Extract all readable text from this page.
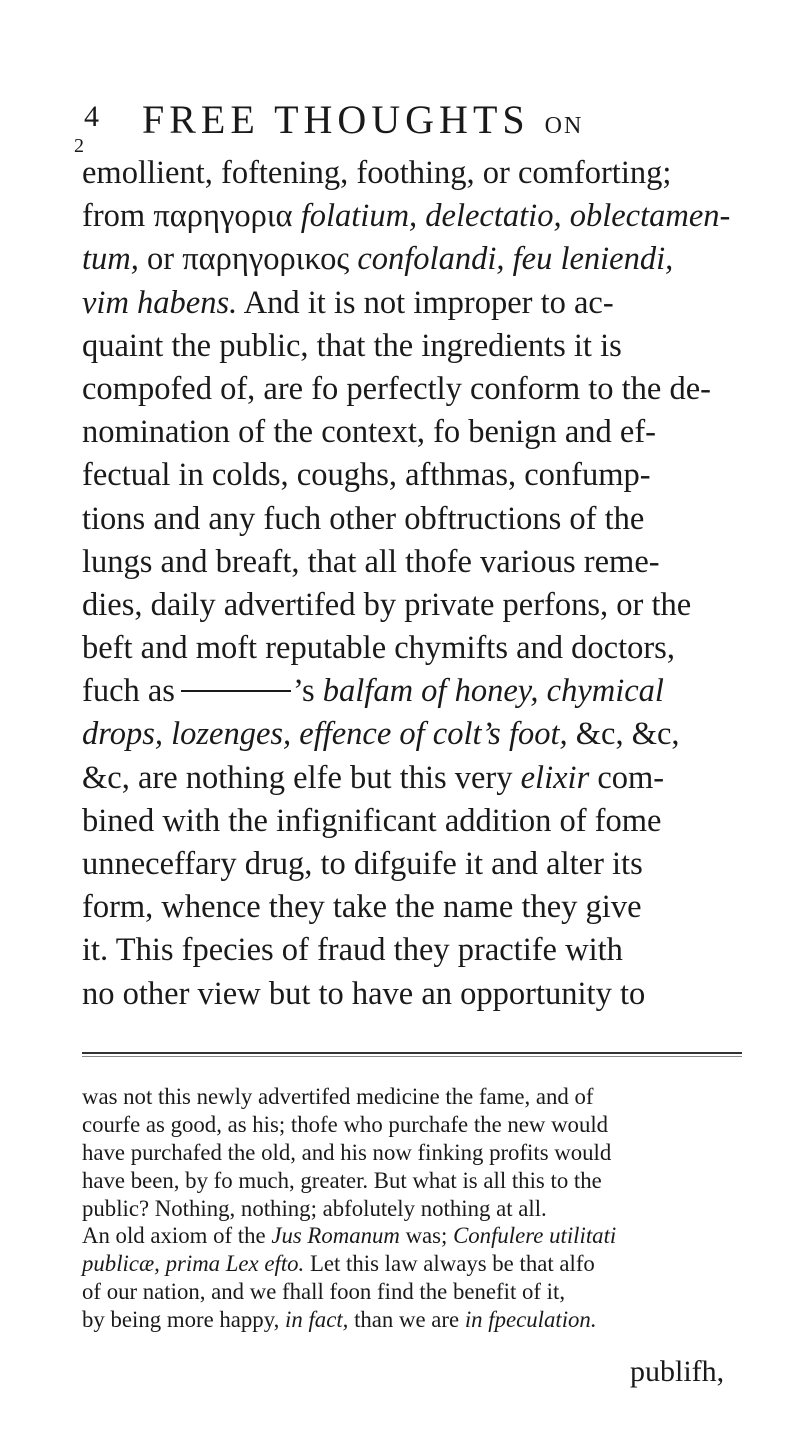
4
2
FREE THOUGHTS ON
emollient, foftening, foothing, or comforting;
from παρηγορια folatium, delectatio, oblectamen-
tum, or παρηγορικος confolandi, feu leniendi,
vim habens. And it is not improper to ac-
quaint the public, that the ingredients it is
compofed of, are fo perfectly conform to the de-
nomination of the context, fo benign and ef-
fectual in colds, coughs, afthmas, confump-
tions and any fuch other obftructions of the
lungs and breaft, that all thofe various reme-
dies, daily advertifed by private perfons, or the
beft and moft reputable chymifts and doctors,
fuch as	’s balfam of honey, chymical
drops, lozenges, effence of colt’s foot, &c, &c,
&c, are nothing elfe but this very elixir com-
bined with the infignificant addition of fome
unneceffary drug, to difguife it and alter its
form, whence they take the name they give
it. This fpecies of fraud they practife with
no other view but to have an opportunity to
was not this newly advertifed medicine the fame, and of
courfe as good, as his; thofe who purchafe the new would
have purchafed the old, and his now finking profits would
have been, by fo much, greater. But what is all this to the
public? Nothing, nothing; abfolutely nothing at all.
An old axiom of the Jus Romanum was; Confulere utilitati
publicæ, prima Lex efto. Let this law always be that alfo
of our nation, and we fhall foon find the benefit of it,
by being more happy, in fact, than we are in fpeculation.
publifh,
